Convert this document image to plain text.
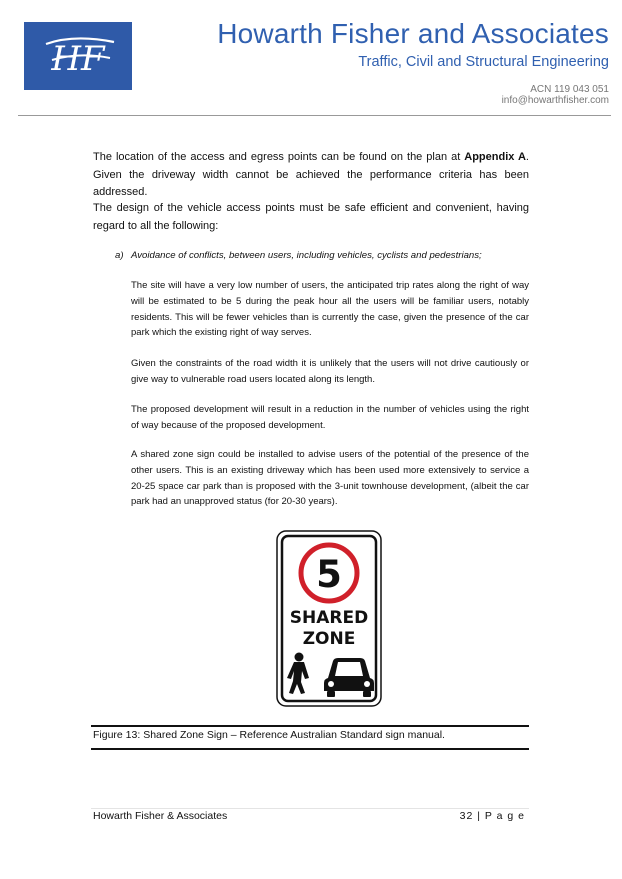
HF
Howarth Fisher and Associates
Traffic, Civil and Structural Engineering
ACN 119 043 051
info@howarthfisher.com

The location of the access and egress points can be found on the plan at Appendix A. Given the driveway width cannot be achieved the performance criteria has been addressed.

The design of the vehicle access points must be safe efficient and convenient, having regard to all the following:

a) Avoidance of conflicts, between users, including vehicles, cyclists and pedestrians;

The site will have a very low number of users, the anticipated trip rates along the right of way will be estimated to be 5 during the peak hour all the users will be familiar users, notably residents. This will be fewer vehicles than is currently the case, given the presence of the car park which the existing right of way serves.

Given the constraints of the road width it is unlikely that the users will not drive cautiously or give way to vulnerable road users located along its length.

The proposed development will result in a reduction in the number of vehicles using the right of way because of the proposed development.

A shared zone sign could be installed to advise users of the potential of the presence of the other users. This is an existing driveway which has been used more extensively to service a 20-25 space car park than is proposed with the 3-unit townhouse development, (albeit the car park had an unapproved status (for 20-30 years).

5
SHARED
ZONE
Figure 13: Shared Zone Sign – Reference Australian Standard sign manual.
Howarth Fisher & Associates	32 | P a g e
